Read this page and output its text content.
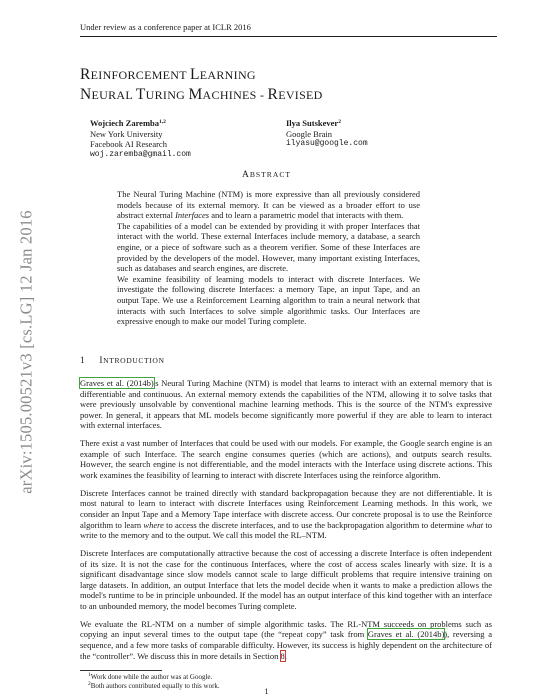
Under review as a conference paper at ICLR 2016
arXiv:1505.00521v3 [cs.LG] 12 Jan 2016
REINFORCEMENT LEARNING
NEURAL TURING MACHINES - REVISED
Wojciech Zaremba$^{1,2}$
New York University
Facebook AI Research
woj.zaremba@gmail.com
Ilya Sutskever$^2$
Google Brain
ilyasu@google.com
ABSTRACT

The Neural Turing Machine (NTM) is more expressive than all previously considered models because of its external memory. It can be viewed as a broader effort to use abstract external Interfaces and to learn a parametric model that interacts with them.

The capabilities of a model can be extended by providing it with proper Interfaces that interact with the world. These external Interfaces include memory, a database, a search engine, or a piece of software such as a theorem verifier. Some of these Interfaces are provided by the developers of the model. However, many important existing Interfaces, such as databases and search engines, are discrete.

We examine feasibility of learning models to interact with discrete Interfaces. We investigate the following discrete Interfaces: a memory Tape, an input Tape, and an output Tape. We use a Reinforcement Learning algorithm to train a neural network that interacts with such Interfaces to solve simple algorithmic tasks. Our Interfaces are expressive enough to make our model Turing complete.

1 INTRODUCTION

Graves et al. (2014b)'s Neural Turing Machine (NTM) is model that learns to interact with an external memory that is differentiable and continuous. An external memory extends the capabilities of the NTM, allowing it to solve tasks that were previously unsolvable by conventional machine learning methods. This is the source of the NTM's expressive power. In general, it appears that ML models become significantly more powerful if they are able to learn to interact with external interfaces.

There exist a vast number of Interfaces that could be used with our models. For example, the Google search engine is an example of such Interface. The search engine consumes queries (which are actions), and outputs search results. However, the search engine is not differentiable, and the model interacts with the Interface using discrete actions. This work examines the feasibility of learning to interact with discrete Interfaces using the reinforce algorithm.

Discrete Interfaces cannot be trained directly with standard backpropagation because they are not differentiable. It is most natural to learn to interact with discrete Interfaces using Reinforcement Learning methods. In this work, we consider an Input Tape and a Memory Tape interface with discrete access. Our concrete proposal is to use the Reinforce algorithm to learn where to access the discrete interfaces, and to use the backpropagation algorithm to determine what to write to the memory and to the output. We call this model the RL–NTM.

Discrete Interfaces are computationally attractive because the cost of accessing a discrete Interface is often independent of its size. It is not the case for the continuous Interfaces, where the cost of access scales linearly with size. It is a significant disadvantage since slow models cannot scale to large difficult problems that require intensive training on large datasets. In addition, an output Interface that lets the model decide when it wants to make a prediction allows the model's runtime to be in principle unbounded. If the model has an output interface of this kind together with an interface to an unbounded memory, the model becomes Turing complete.

We evaluate the RL-NTM on a number of simple algorithmic tasks. The RL-NTM succeeds on problems such as copying an input several times to the output tape (the “repeat copy” task from Graves et al. (2014b)), reversing a sequence, and a few more tasks of comparable difficulty. However, its success is highly dependent on the architecture of the “controller”. We discuss this in more details in Section 8.

$^1$Work done while the author was at Google.
$^2$Both authors contributed equally to this work.
1
